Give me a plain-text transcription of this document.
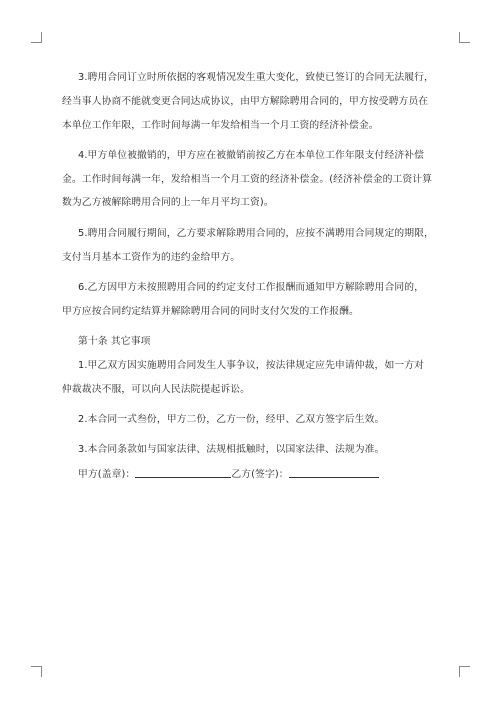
3.聘用合同订立时所依据的客观情况发生重大变化，致使已签订的合同无法履行，
经当事人协商不能就变更合同达成协议，由甲方解除聘用合同的，甲方按受聘方员在
本单位工作年限，工作时间每满一年发给相当一个月工资的经济补偿金。
4.甲方单位被撤销的，甲方应在被撤销前按乙方在本单位工作年限支付经济补偿
金。工作时间每满一年，发给相当一个月工资的经济补偿金。(经济补偿金的工资计算
数为乙方被解除聘用合同的上一年月平均工资)。
5.聘用合同履行期间，乙方要求解除聘用合同的，应按不满聘用合同规定的期限，
支付当月基本工资作为的违约金给甲方。
6.乙方因甲方未按照聘用合同的约定支付工作报酬而通知甲方解除聘用合同的，
甲方应按合同约定结算并解除聘用合同的同时支付欠发的工作报酬。
第十条 其它事项
1.甲乙双方因实施聘用合同发生人事争议，按法律规定应先申请仲裁，如一方对
仲裁裁决不服，可以向人民法院提起诉讼。
2.本合同一式叁份，甲方二份，乙方一份，经甲、乙双方签字后生效。
3.本合同条款如与国家法律、法规相抵触时，以国家法律、法规为准。
甲方(盖章)：	乙方(签字)：
